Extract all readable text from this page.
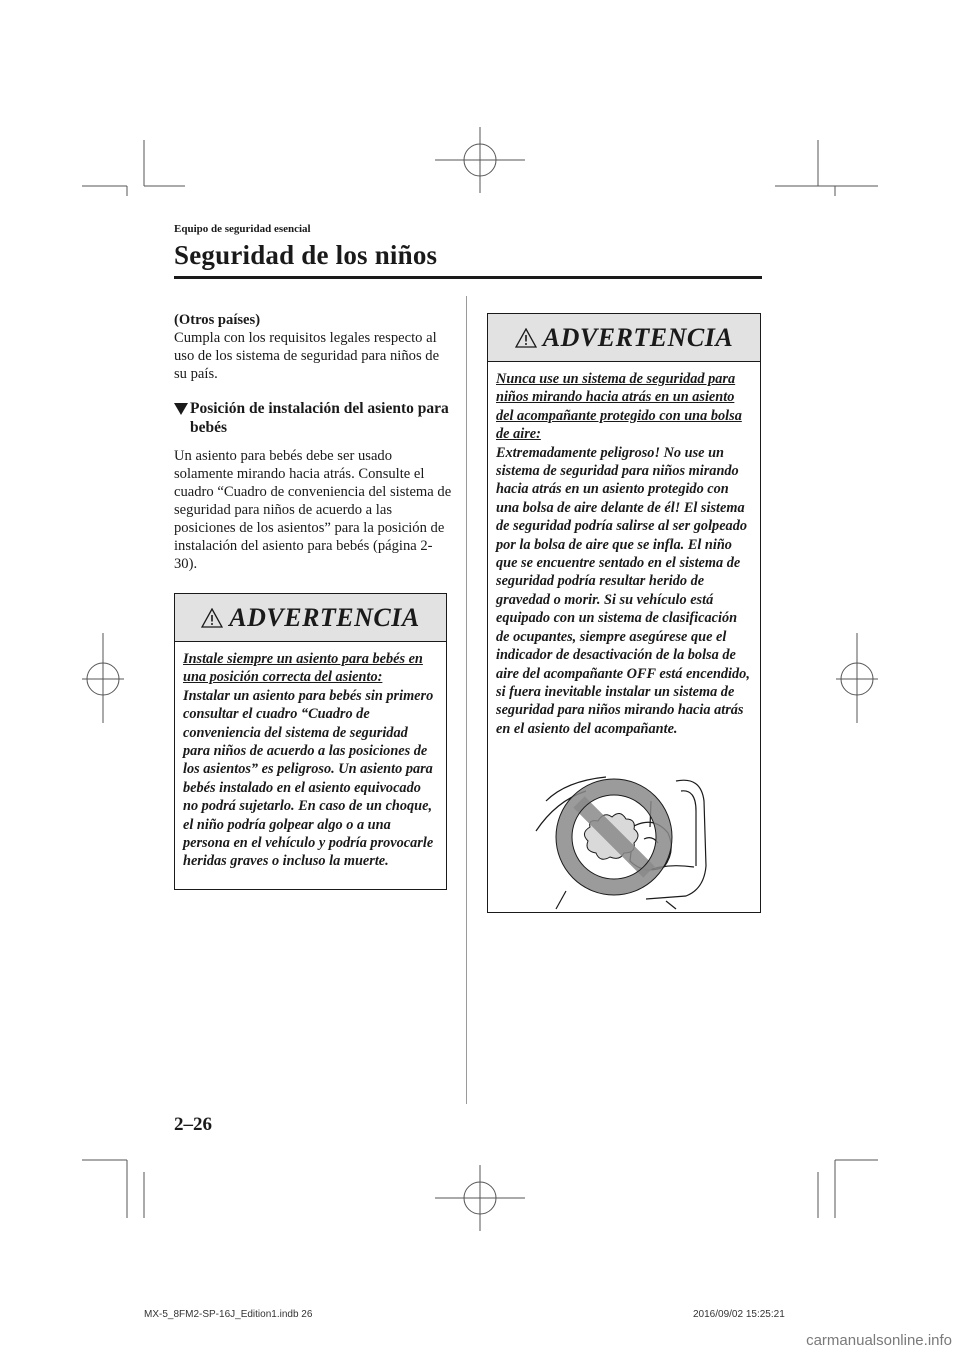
Equipo de seguridad esencial
Seguridad de los niños

(Otros países)

Cumpla con los requisitos legales respecto al uso de los sistema de seguridad para niños de su país.

Posición de instalación del asiento para bebés

Un asiento para bebés debe ser usado solamente mirando hacia atrás. Consulte el cuadro “Cuadro de conveniencia del sistema de seguridad para niños de acuerdo a las posiciones de los asientos” para la posición de instalación del asiento para bebés (página 2-30).

ADVERTENCIA
Instale siempre un asiento para bebés en una posición correcta del asiento:
Instalar un asiento para bebés sin primero consultar el cuadro “Cuadro de conveniencia del sistema de seguridad para niños de acuerdo a las posiciones de los asientos” es peligroso. Un asiento para bebés instalado en el asiento equivocado no podrá sujetarlo. En caso de un choque, el niño podría golpear algo o a una persona en el vehículo y podría provocarle heridas graves o incluso la muerte.
ADVERTENCIA
Nunca use un sistema de seguridad para niños mirando hacia atrás en un asiento del acompañante protegido con una bolsa de aire:
Extremadamente peligroso! No use un sistema de seguridad para niños mirando hacia atrás en un asiento protegido con una bolsa de aire delante de él! El sistema de seguridad podría salirse al ser golpeado por la bolsa de aire que se infla. El niño que se encuentre sentado en el sistema de seguridad podría resultar herido de gravedad o morir. Si su vehículo está equipado con un sistema de clasificación de ocupantes, siempre asegúrese que el indicador de desactivación de la bolsa de aire del acompañante OFF está encendido, si fuera inevitable instalar un sistema de seguridad para niños mirando hacia atrás en el asiento del acompañante.
2–26
MX-5_8FM2-SP-16J_Edition1.indb 26	2016/09/02 15:25:21
carmanualsonline.info
